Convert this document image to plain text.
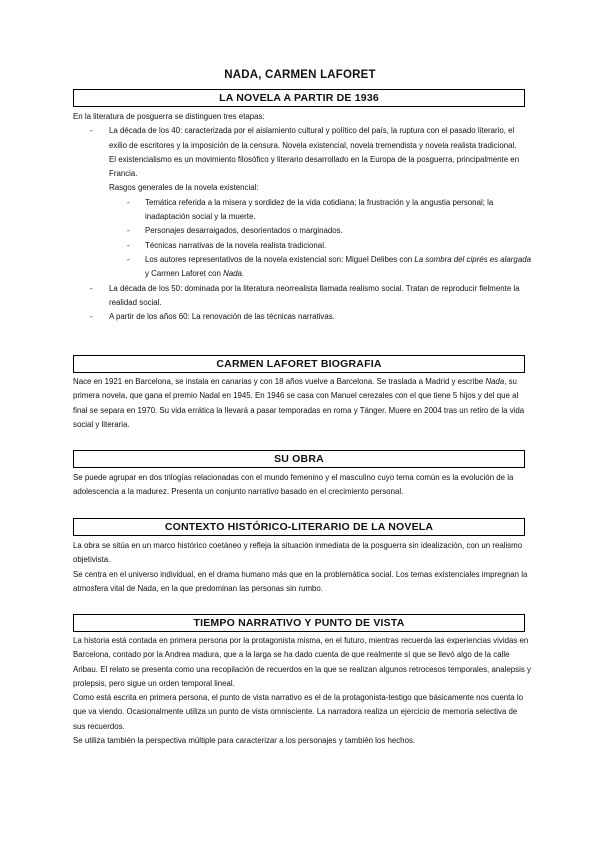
NADA, CARMEN LAFORET
LA NOVELA A PARTIR DE 1936

En la literatura de posguerra se distinguen tres etapas:

- La década de los 40: caracterizada por el aislamiento cultural y político del país, la ruptura con el pasado literario, el exilio de escritores y la imposición de la censura. Novela existencial, novela tremendista y novela realista tradicional.

El existencialismo es un movimiento filosófico y literario desarrollado en la Europa de la posguerra, principalmente en Francia.

Rasgos generales de la novela existencial:

- Temática referida a la misera y sordidez de la vida cotidiana; la frustración y la angustia personal; la inadaptación social y la muerte.
- Personajes desarraigados, desorientados o marginados.
- Técnicas narrativas de la novela realista tradicional.
- Los autores representativos de la novela existencial son: Miguel Delibes con La sombra del ciprés es alargada y Carmen Laforet con Nada.
- La década de los 50: dominada por la literatura neorrealista llamada realismo social. Tratan de reproducir fielmente la realidad social.
- A partir de los años 60: La renovación de las técnicas narrativas.
CARMEN LAFORET BIOGRAFIA

Nace en 1921 en Barcelona, se instala en canarias y con 18 años vuelve a Barcelona. Se traslada a Madrid y escribe Nada, su primera novela, que gana el premio Nadal en 1945. En 1946 se casa con Manuel cerezales con el que tiene 5 hijos y del que al final se separa en 1970. Su vida errática la llevará a pasar temporadas en roma y Tánger. Muere en 2004 tras un retiro de la vida social y literaria.

SU OBRA

Se puede agrupar en dos trilogías relacionadas con el mundo femenino y el masculino cuyo tema común es la evolución de la adolescencia a la madurez. Presenta un conjunto narrativo basado en el crecimiento personal.

CONTEXTO HISTÓRICO-LITERARIO DE LA NOVELA

La obra se sitúa en un marco histórico coetáneo y refleja la situación inmediata de la posguerra sin idealización, con un realismo objetivista.

Se centra en el universo individual, en el drama humano más que en la problemática social. Los temas existenciales impregnan la atmosfera vital de Nada, en la que predominan las personas sin rumbo.

TIEMPO NARRATIVO Y PUNTO DE VISTA

La historia está contada en primera persona por la protagonista misma, en el futuro, mientras recuerda las experiencias vividas en Barcelona, contado por la Andrea madura, que a la larga se ha dado cuenta de que realmente sí que se llevó algo de la calle Aribau. El relato se presenta como una recopilación de recuerdos en la que se realizan algunos retrocesos temporales, analepsis y prolepsis, pero sigue un orden temporal lineal.

Como está escrita en primera persona, el punto de vista narrativo es el de la protagonista-testigo que básicamente nos cuenta lo que va viendo. Ocasionalmente utiliza un punto de vista omnisciente. La narradora realiza un ejercicio de memoria selectiva de sus recuerdos.

Se utiliza también la perspectiva múltiple para caracterizar a los personajes y también los hechos.
